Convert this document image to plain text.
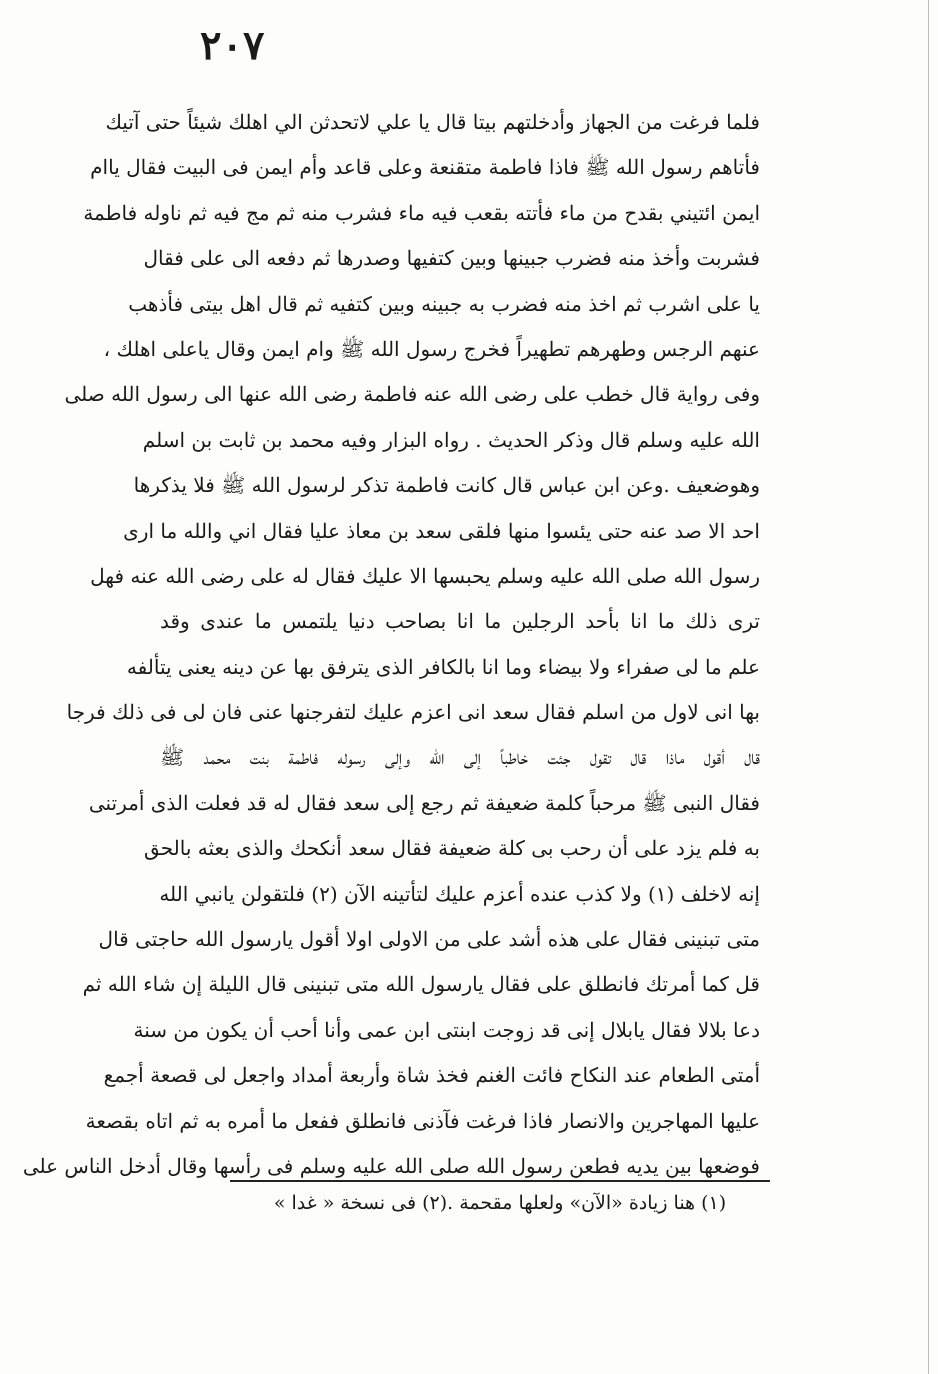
٢٠٧
فلما فرغت من الجهاز وأدخلتهم بيتا قال يا علي لاتحدثن الي اهلك شيئاً حتى آتيك
فأتاهم رسول الله ﷺ فاذا فاطمة متقنعة وعلى قاعد وأم ايمن فى البيت فقال ياام
ايمن ائتيني بقدح من ماء فأتته بقعب فيه ماء فشرب منه ثم مج فيه ثم ناوله فاطمة
فشربت وأخذ منه فضرب جبينها وبين كتفيها وصدرها ثم دفعه الى على فقال
يا على اشرب ثم اخذ منه فضرب به جبينه وبين كتفيه ثم قال اهل بيتى فأذهب
عنهم الرجس وطهرهم تطهيراً فخرج رسول الله ﷺ وام ايمن وقال ياعلى اهلك ،
وفى رواية قال خطب على رضى الله عنه فاطمة رضى الله عنها الى رسول الله صلى
الله عليه وسلم قال وذكر الحديث . رواه البزار وفيه محمد بن ثابت بن اسلم
وهوضعيف .وعن ابن عباس قال كانت فاطمة تذكر لرسول الله ﷺ فلا يذكرها
احد الا صد عنه حتى يئسوا منها فلقى سعد بن معاذ عليا فقال اني والله ما ارى
رسول الله صلى الله عليه وسلم يحبسها الا عليك فقال له على رضى الله عنه فهل
ترى ذلك ما انا بأحد الرجلين ما انا بصاحب دنيا يلتمس ما عندى وقد
علم ما لى صفراء ولا بيضاء وما انا بالكافر الذى يترفق بها عن دينه يعنى يتألفه
بها انى لاول من اسلم فقال سعد انى اعزم عليك لتفرجنها عنى فان لى فى ذلك فرجا
قال أقول ماذا قال تقول جئت خاطباً إلى الله وإلى رسوله فاطمة بنت محمد ﷺ
فقال النبى ﷺ مرحباً كلمة ضعيفة ثم رجع إلى سعد فقال له قد فعلت الذى أمرتنى
به فلم يزد على أن رحب بى كلة ضعيفة فقال سعد أنكحك والذى بعثه بالحق
إنه لاخلف (١) ولا كذب عنده أعزم عليك لتأتينه الآن (٢) فلتقولن يانبي الله
متى تبنينى فقال على هذه أشد على من الاولى اولا أقول يارسول الله حاجتى قال
قل كما أمرتك فانطلق على فقال يارسول الله متى تبنينى قال الليلة إن شاء الله ثم
دعا بلالا فقال يابلال إنى قد زوجت ابنتى ابن عمى وأنا أحب أن يكون من سنة
أمتى الطعام عند النكاح فائت الغنم فخذ شاة وأربعة أمداد واجعل لى قصعة أجمع
عليها المهاجرين والانصار فاذا فرغت فآذنى فانطلق ففعل ما أمره به ثم اتاه بقصعة
فوضعها بين يديه فطعن رسول الله صلى الله عليه وسلم فى رأسها وقال أدخل الناس على
(١) هنا زيادة «الآن» ولعلها مقحمة .(٢) فى نسخة « غدا »
